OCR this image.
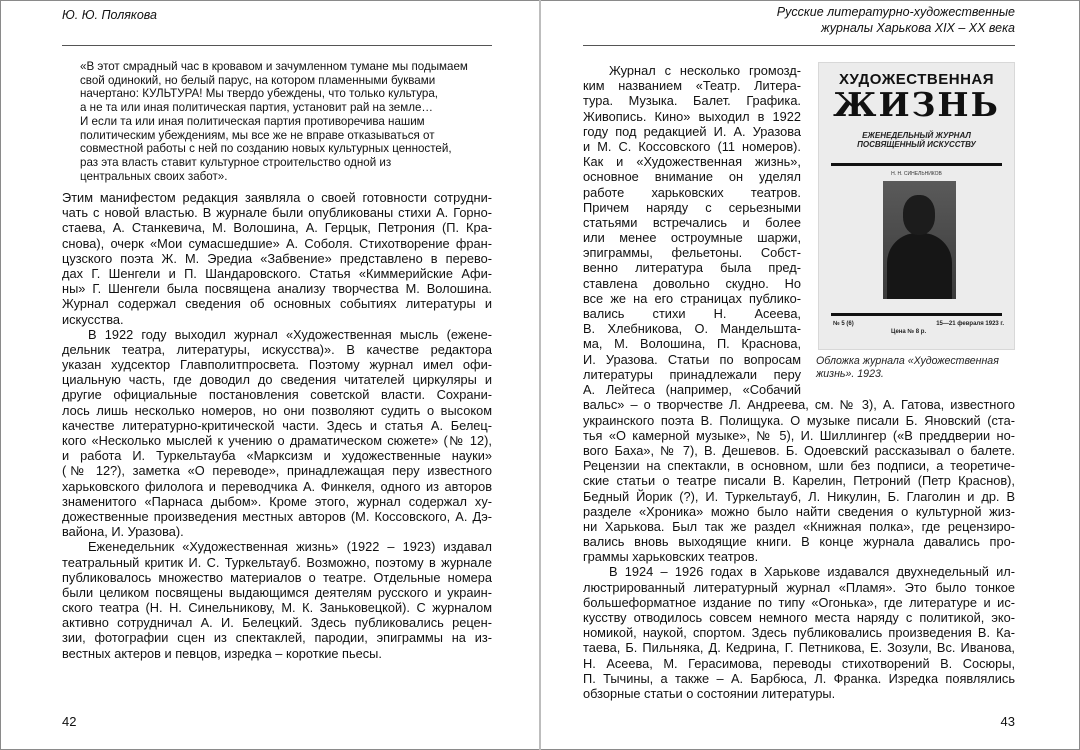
Ю. Ю. Полякова
«В этот смрадный час в кровавом и зачумленном тумане мы подымаем
свой одинокий, но белый парус, на котором пламенными буквами
начертано: КУЛЬТУРА! Мы твердо убеждены, что только культура,
а не та или иная политическая партия, установит рай на земле…
И если та или иная политическая партия противоречива нашим
политическим убеждениям, мы все же не вправе отказываться от
совместной работы с ней по созданию новых культурных ценностей,
раз эта власть ставит культурное строительство одной из
центральных своих забот».
Этим манифестом редакция заявляла о своей готовности сотрудни-
чать с новой властью. В журнале были опубликованы стихи А. Горно-
стаева, А. Станкевича, М. Волошина, А. Герцык, Петрония (П. Кра-
снова), очерк «Мои сумасшедшие» А. Соболя. Стихотворение фран-
цузского поэта Ж. М. Эредиа «Забвение» представлено в перево-
дах Г. Шенгели и П. Шандаровского. Статья «Киммерийские Афи-
ны» Г. Шенгели была посвящена анализу творчества М. Волошина.
Журнал содержал сведения об основных событиях литературы и
искусства.
В 1922 году выходил журнал «Художественная мысль (еженe-
дельник театра, литературы, искусства)». В качестве редактора
указан худсектор Главполитпросвета. Поэтому журнал имел офи-
циальную часть, где доводил до сведения читателей циркуляры и
другие официальные постановления советской власти. Сохрани-
лось лишь несколько номеров, но они позволяют судить о высоком
качестве литературно-критической части. Здесь и статья А. Белец-
кого «Несколько мыслей к учению о драматическом сюжете» (№ 12),
и работа И. Туркельтауба «Марксизм и художественные науки»
(№ 12?), заметка «О переводе», принадлежащая перу известного
харьковского филолога и переводчика А. Финкеля, одного из авторов
знаменитого «Парнаса дыбом». Кроме этого, журнал содержал ху-
дожественные произведения местных авторов (М. Коссовского, А. Дэ-
вайона, И. Уразова).
Еженедельник «Художественная жизнь» (1922 – 1923) издавал
театральный критик И. С. Туркельтауб. Возможно, поэтому в журнале
публиковалось множество материалов о театре. Отдельные номера
были целиком посвящены выдающимся деятелям русского и украин-
ского театра (Н. Н. Синельникову, М. К. Заньковецкой). С журналом
активно сотрудничал А. И. Белецкий. Здесь публиковались рецен-
зии, фотографии сцен из спектаклей, пародии, эпиграммы на из-
вестных актеров и певцов, изредка – короткие пьесы.
42
Русские литературно-художественные
журналы Харькова XIX – XX века
Журнал с несколько громозд-
ким названием «Театр. Литера-
тура. Музыка. Балет. Графика.
Живопись. Кино» выходил в 1922
году под редакцией И. А. Уразова
и М. С. Коссовского (11 номеров).
Как и «Художественная жизнь»,
основное внимание он уделял
работе харьковских театров.
Причем наряду с серьезными
статьями встречались и более
или менее остроумные шаржи,
эпиграммы, фельетоны. Собст-
венно литература была пред-
ставлена довольно скудно. Но
все же на его страницах публико-
вались стихи Н. Асеева,
В. Хлебникова, О. Мандельшта-
ма, М. Волошина, П. Краснова,
И. Уразова. Статьи по вопросам
литературы принадлежали перу
А. Лейтеса (например, «Собачий
вальс» – о творчестве Л. Андреева, см. № 3), А. Гатова, известного
украинского поэта В. Полищука. О музыке писали Б. Яновский (ста-
тья «О камерной музыке», № 5), И. Шиллингер («В преддверии но-
вого Баха», № 7), В. Дешевов. Б. Одоевский рассказывал о балете.
Рецензии на спектакли, в основном, шли без подписи, а теоретиче-
ские статьи о театре писали В. Карелин, Петроний (Петр Краснов),
Бедный Йорик (?), И. Туркельтауб, Л. Никулин, Б. Глаголин и др. В
разделе «Хроника» можно было найти сведения о культурной жиз-
ни Харькова. Был так же раздел «Книжная полка», где рецензиро-
вались вновь выходящие книги. В конце журнала давались про-
граммы харьковских театров.
В 1924 – 1926 годах в Харькове издавался двухнедельный ил-
люстрированный литературный журнал «Пламя». Это было тонкое
большеформатное издание по типу «Огонька», где литературе и ис-
кусству отводилось совсем немного места наряду с политикой, эко-
номикой, наукой, спортом. Здесь публиковались произведения В. Ка-
таева, Б. Пильняка, Д. Кедрина, Г. Петникова, Е. Зозули, Вс. Иванова,
Н. Асеева, М. Герасимова, переводы стихотворений В. Сосюры,
П. Тычины, а также – А. Барбюса, Л. Франка. Изредка появлялись
обзорные статьи о состоянии литературы.
43
ХУДОЖЕСТВЕННАЯ
ЖИЗНЬ
ЕЖЕНЕДЕЛЬНЫЙ ЖУРНАЛ ПОСВЯЩЕННЫЙ ИСКУССТВУ
Н. Н. СИНЕЛЬНИКОВ
№ 5 (6)
Цена № 8 р.
15—21 февраля 1923 г.
Обложка журнала «Художественная
жизнь». 1923.
